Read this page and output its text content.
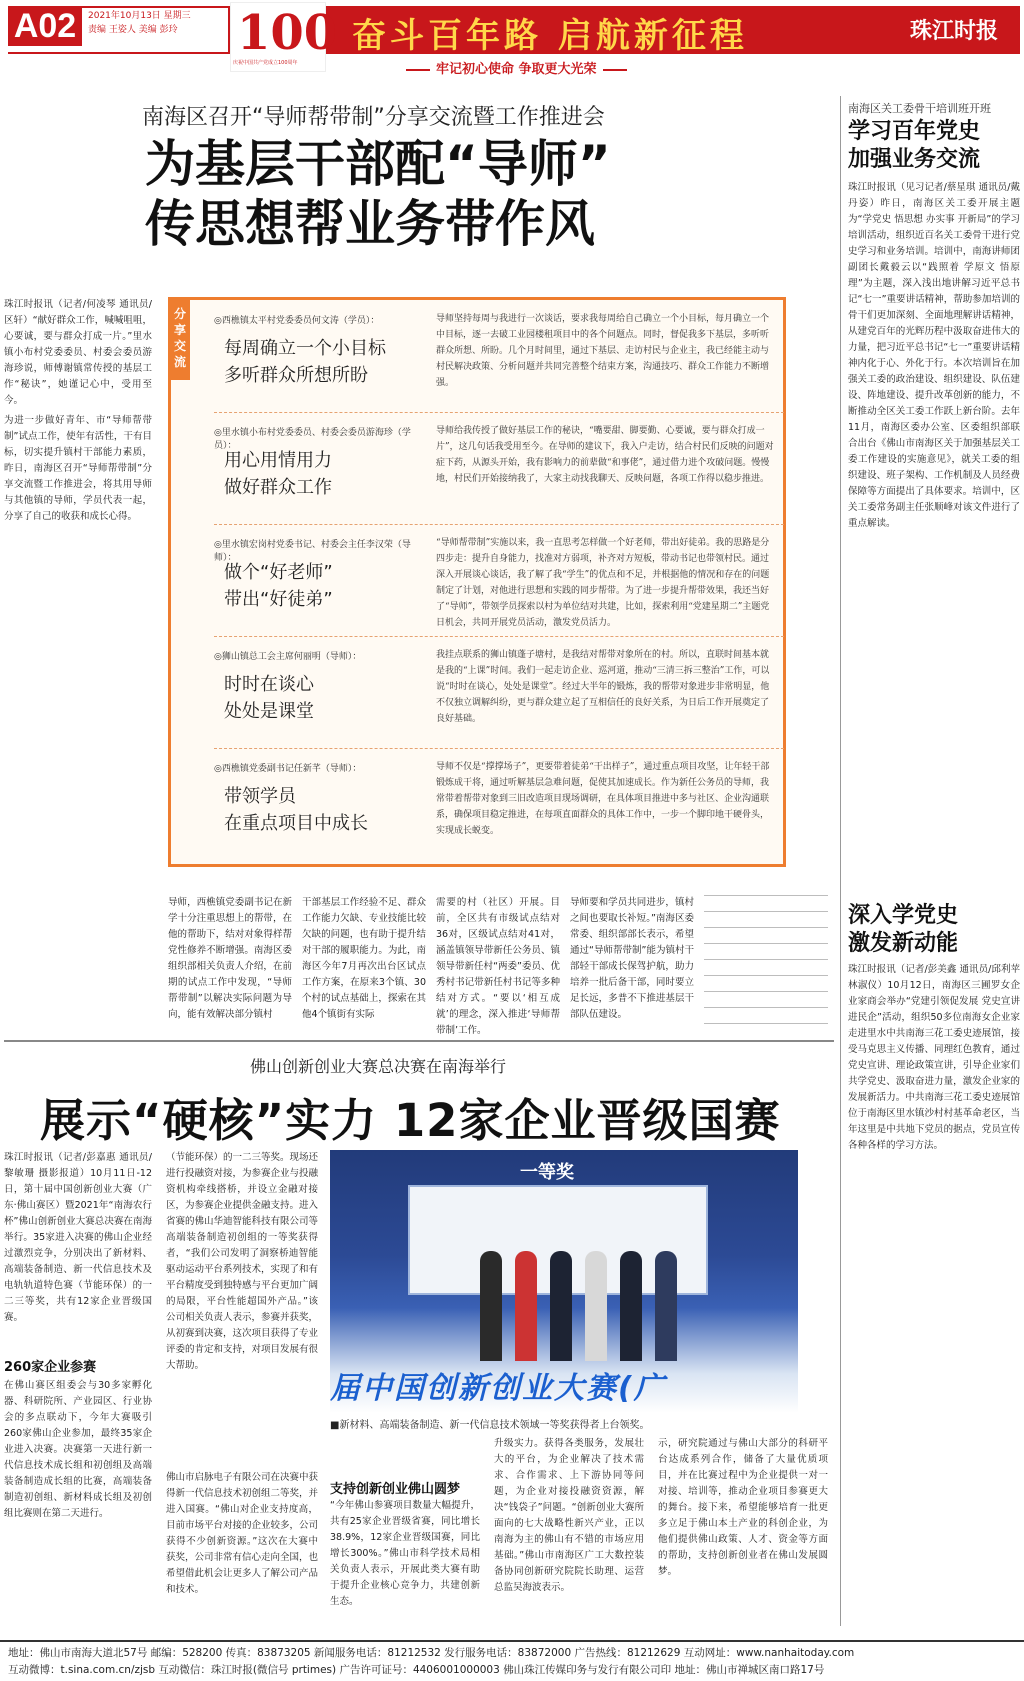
A02	2021年10月13日 星期三
责编 王姿人 美编 彭玲 100
庆祝中国共产党成立100周年
奋斗百年路 启航新征程	珠江时报
牢记初心使命 争取更大光荣
南海区召开“导师帮带制”分享交流暨工作推进会
为基层干部配“导师”
传思想帮业务带作风

珠江时报讯（记者/何凌琴 通讯员/区轩）“献好群众工作，喊喊咀咀，心要诚，要与群众打成一片。”里水镇小布村党委委员、村委会委员游海珍说，师傅谢镇常传授的基层工作“秘诀”，她谨记心中，受用至今。

为进一步做好青年、市“导师帮带制”试点工作，使年有活性，干有目标，切实提升镇村干部能力素质，昨日，南海区召开“导师帮带制”分享交流暨工作推进会，将其用导师与其他镇的导师，学员代表一起，分享了自己的收获和成长心得。

分享交流
◎西樵镇太平村党委委员何文涛（学员）：
每周确立一个小目标
多听群众所想所盼
导师坚持每周与我进行一次谈话，要求我每周给自己确立一个小目标，每月确立一个中目标，逐一去破工业园楼租项目中的各个问题点。同时，督促我多下基层，多听听群众所想、所盼。几个月时间里，通过下基层、走访村民与企业主，我已经能主动与村民解决政策、分析问题并共同完善整个结束方案，沟通技巧、群众工作能力不断增强。
◎里水镇小布村党委委员、村委会委员游海珍（学员）：
用心用情用力
做好群众工作
导师给我传授了做好基层工作的秘诀，“嘴要甜、脚要勤、心要诚，要与群众打成一片”，这几句话我受用至今。在导师的建议下，我入户走访，结合村民们反映的问题对症下药，从源头开始，我有影响力的前辈做“和事佬”，通过借力进个攻破问题。慢慢地，村民们开始接纳我了，大家主动找我聊天、反映问题，各项工作得以稳步推进。
◎里水镇宏岗村党委书记、村委会主任李汉荣（导师）：
做个“好老师”
带出“好徒弟”
“导师帮带制”实施以来，我一直思考怎样做一个好老师，带出好徒弟。我的思路是分四步走：提升自身能力，找准对方弱项，补齐对方短板，带动书记也带领村民。通过深入开展谈心谈话，我了解了我“学生”的优点和不足，并根据他的情况和存在的问题制定了计划，对他进行思想和实践的同步帮带。为了进一步提升帮带效果，我还当好了“导师”，带领学员探索以村为单位结对共建，比如，探索利用“党建星期二”主题党日机会，共同开展党员活动，激发党员活力。
◎狮山镇总工会主席何丽明（导师）：
时时在谈心
处处是课堂
我挂点联系的狮山镇蓬子塘村，是我结对帮带对象所在的村。所以，直联时间基本就是我的“上课”时间。我们一起走访企业、巡河道，推动“三清三拆三整治”工作，可以说“时时在谈心，处处是课堂”。经过大半年的锻炼，我的帮带对象进步非常明显，他不仅独立调解纠纷，更与群众建立起了互相信任的良好关系，为日后工作开展奠定了良好基础。
◎西樵镇党委副书记任新芊（导师）：
带领学员
在重点项目中成长
导师不仅是“撑撑场子”，更要带着徒弟“干出样子”，通过重点项目攻坚，让年轻干部锻炼成干将，通过听解基层急难问题，促使其加速成长。作为新任公务员的导师，我常带着帮带对象到三旧改造项目现场调研，在具体项目推进中多与社区、企业沟通联系，确保项目稳定推进，在每项直面群众的具体工作中，一步一个脚印地干硬骨头，实现成长蜕变。
导师，西樵镇党委副书记在新学十分注重思想上的帮带，在他的帮助下，结对对象得样帮党性修养不断增强。南海区委组织部相关负责人介绍，在前期的试点工作中发现，“导师帮带制”以解决实际问题为导向，能有效解决部分镇村
干部基层工作经验不足、群众工作能力欠缺、专业技能比较欠缺的问题，也有助于提升结对干部的履职能力。为此，南海区今年7月再次出台区试点工作方案，在原来3个镇、30个村的试点基础上，探索在其他4个镇街有实际
需要的村（社区）开展。目前，全区共有市级试点结对36对，区级试点结对41对，涵盖镇领导带新任公务员、镇领导带新任村“两委”委员、优秀村书记带新任村书记等多种结对方式。“要以‘相互成就’的理念，深入推进‘导师帮带制’工作。
导师要和学员共同进步，镇村之间也要取长补短。”南海区委常委、组织部部长表示，希望通过“导师帮带制”能为镇村干部轻干部成长保驾护航，助力培养一批后备干部，同时要立足长远，多普不下推进基层干部队伍建设。
南海区关工委骨干培训班开班
学习百年党史
加强业务交流
珠江时报讯（见习记者/蔡星琪 通讯员/戴丹姿）昨日，南海区关工委开展主题为“学党史 悟思想 办实事 开新局”的学习培训活动，组织近百名关工委骨干进行党史学习和业务培训。培训中，南海讲师团副团长戴毅云以“践照着 学原文 悟原理”为主题，深入浅出地讲解习近平总书记“七一”重要讲话精神，帮助参加培训的骨干们更加深刻、全面地理解讲话精神，从建党百年的光辉历程中汲取奋进伟大的力量，把习近平总书记“七一”重要讲话精神内化于心、外化于行。本次培训旨在加强关工委的政治建设、组织建设、队伍建设、阵地建设、提升改革创新的能力，不断推动全区关工委工作跃上新台阶。去年11月，南海区委办公室、区委组织部联合出台《佛山市南海区关于加强基层关工委工作建设的实施意见》，就关工委的组织建设、班子架构、工作机制及人员经费保障等方面提出了具体要求。培训中，区关工委常务副主任张顺峰对该文件进行了重点解读。
深入学党史
激发新动能
珠江时报讯（记者/彭美鑫 通讯员/邱利苹 林淑仪）10月12日，南海区三圃罗女企业家商会举办“党建引领促发展 党史宣讲进民企”活动，组织50多位南海女企业家走进里水中共南海三花工委史迹展馆，接受马克思主义传播、同理红色教育，通过党史宣讲、理论政策宣讲，引导企业家们共学党史、汲取奋进力量，激发企业家的发展新活力。中共南海三花工委史迹展馆位于南海区里水镇沙村村基革命老区，当年这里是中共地下党员的据点，党员宣传各种各样的学习方法。
佛山创新创业大赛总决赛在南海举行
展示“硬核”实力 12家企业晋级国赛
珠江时报讯（记者/彭嘉惠 通讯员/黎敏珊 摄影报道）10月11日-12日，第十届中国创新创业大赛（广东·佛山赛区）暨2021年“南海农行杯”佛山创新创业大赛总决赛在南海举行。35家进入决赛的佛山企业经过激烈竞争，分别决出了新材料、高端装备制造、新一代信息技术及电轨轨道特色赛（节能环保）的一二三等奖，共有12家企业晋级国赛。
260家企业参赛
在佛山赛区组委会与30多家孵化器、科研院所、产业园区、行业协会的多点联动下，今年大赛吸引260家佛山企业参加，最终35家企业进入决赛。决赛第一天进行新一代信息技术成长组和初创组及高端装备制造成长组的比赛，高端装备制造初创组、新材料成长组及初创组比赛则在第二天进行。
（节能环保）的一二三等奖。现场还进行投融资对接，为参赛企业与投融资机构牵线搭桥，并设立金融对接区，为参赛企业提供金融支持。进入省赛的佛山华迪智能科技有限公司等高端装备制造初创组的一等奖获得者，“我们公司发明了洞察桥迪智能驱动运动平台系列技术，实现了和有平台精度受到独特感与平台更加广阔的局限，平台性能超国外产品。”该公司相关负责人表示，参赛并获奖，从初赛到决赛，这次项目获得了专业评委的肯定和支持，对项目发展有很大帮助。
佛山市启脉电子有限公司在决赛中获得新一代信息技术初创组二等奖，并进入国赛。“佛山对企业支持度高，目前市场平台对接的企业较多，公司获得不少创新资源。”这次在大赛中获奖，公司非常有信心走向全国，也希望借此机会让更多人了解公司产品和技术。
一等奖
届中国创新创业大赛(广
■新材料、高端装备制造、新一代信息技术领域一等奖获得者上台领奖。
支持创新创业佛山圆梦
“今年佛山参赛项目数量大幅提升，共有25家企业晋级省赛，同比增长38.9%，12家企业晋级国赛，同比增长300%。”佛山市科学技术局相关负责人表示，开展此类大赛有助于提升企业核心竞争力，共建创新生态。
升级实力。获得各类服务，发展壮大的平台，为企业解决了技术需求、合作需求、上下游协同等问题，为企业对接投融资资源，解决“钱袋子”问题。“创新创业大赛所面向的七大战略性新兴产业，正以南海为主的佛山有不错的市场应用基础。”佛山市南海区广工大数控装备协同创新研究院院长助理、运营总监吴海波表示。
示，研究院通过与佛山大部分的科研平台达成系列合作，储备了大量优质项目，并在比赛过程中为企业提供一对一对接、培训等，推动企业项目参赛更大的舞台。接下来，希望能够培育一批更多立足于佛山本土产业的科创企业，为他们提供佛山政策、人才、资金等方面的帮助，支持创新创业者在佛山发展圆梦。
地址：佛山市南海大道北57号 邮编：528200 传真：83873205 新闻服务电话：81212532 发行服务电话：83872000 广告热线：81212629 互动网址：www.nanhaitoday.com
互动微博：t.sina.com.cn/zjsb 互动微信：珠江时报(微信号 prtimes) 广告许可证号：4406001000003 佛山珠江传媒印务与发行有限公司印 地址：佛山市禅城区南口路17号
